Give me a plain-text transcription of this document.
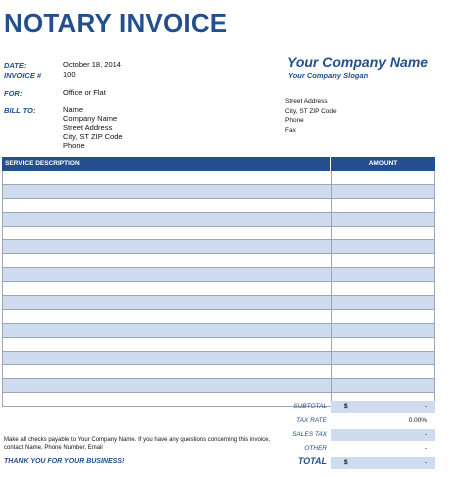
NOTARY INVOICE
DATE:	October 18, 2014
INVOICE #	100
FOR:	Office or Flat
BILL TO:	Name
Company Name
Street Address
City, ST ZIP Code
Phone
Your Company Name
Your Company Slogan
Street Address
City, ST ZIP Code
Phone
Fax
SERVICE DESCRIPTION	AMOUNT
SUBTOTAL	$	-
TAX RATE	0.00%
SALES TAX	-
OTHER	-
TOTAL	$	-
Make all checks payable to Your Company Name. If you have any questions concerning this invoice, contact Name, Phone Number, Email
THANK YOU FOR YOUR BUSINESS!
